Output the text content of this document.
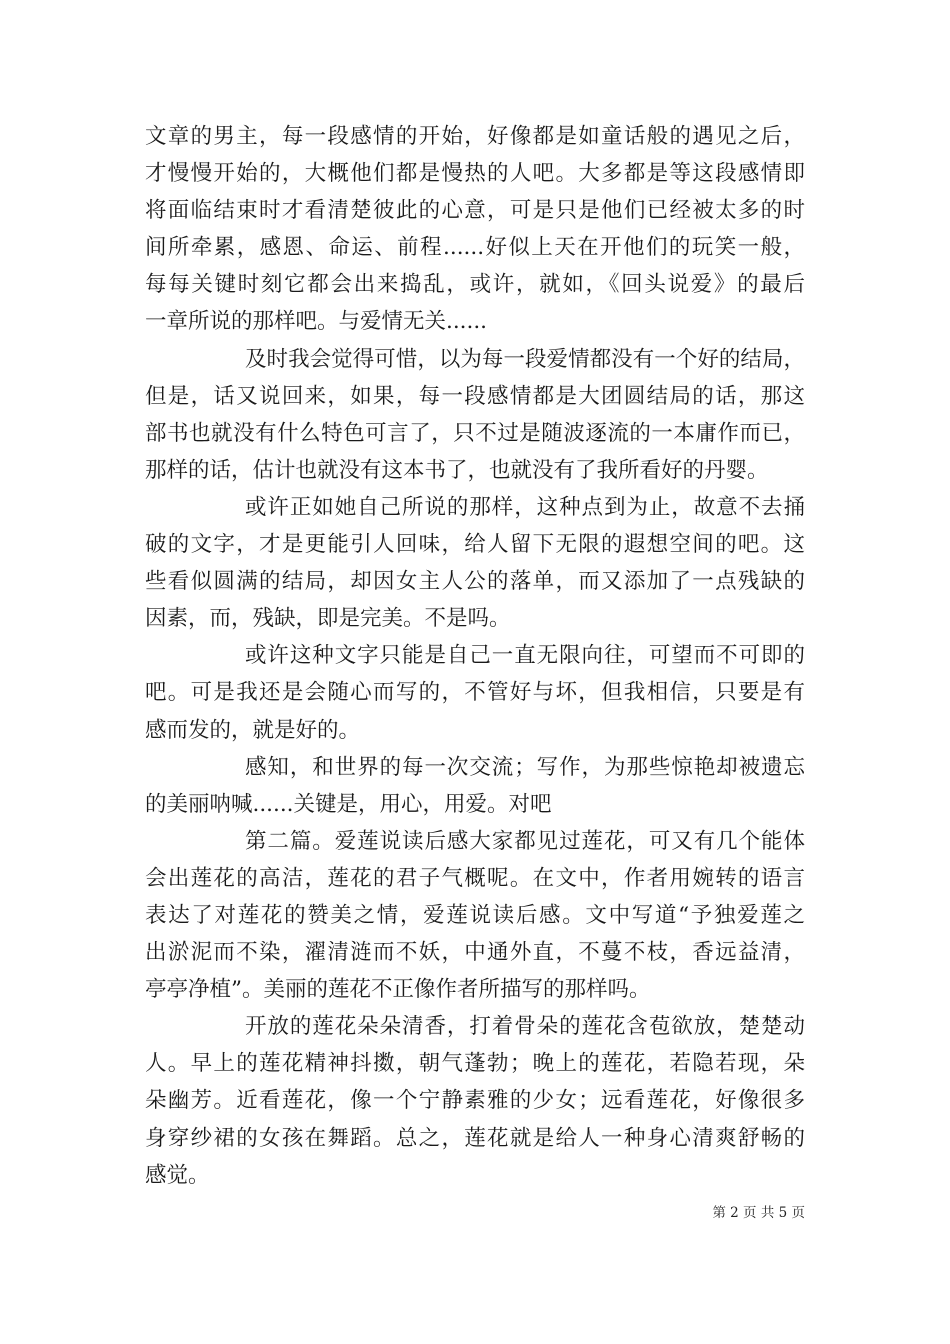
文章的男主，每一段感情的开始，好像都是如童话般的遇见之后，
才慢慢开始的，大概他们都是慢热的人吧。大多都是等这段感情即
将面临结束时才看清楚彼此的心意，可是只是他们已经被太多的时
间所牵累，感恩、命运、前程......好似上天在开他们的玩笑一般，
每每关键时刻它都会出来捣乱，或许，就如，《回头说爱》的最后
一章所说的那样吧。与爱情无关......
及时我会觉得可惜，以为每一段爱情都没有一个好的结局，
但是，话又说回来，如果，每一段感情都是大团圆结局的话，那这
部书也就没有什么特色可言了，只不过是随波逐流的一本庸作而已，
那样的话，估计也就没有这本书了，也就没有了我所看好的丹婴。
或许正如她自己所说的那样，这种点到为止，故意不去捅
破的文字，才是更能引人回味，给人留下无限的遐想空间的吧。这
些看似圆满的结局，却因女主人公的落单，而又添加了一点残缺的
因素，而，残缺，即是完美。不是吗。
或许这种文字只能是自己一直无限向往，可望而不可即的
吧。可是我还是会随心而写的，不管好与坏，但我相信，只要是有
感而发的，就是好的。
感知，和世界的每一次交流；写作，为那些惊艳却被遗忘
的美丽呐喊......关键是，用心，用爱。对吧
第二篇。爱莲说读后感大家都见过莲花，可又有几个能体
会出莲花的高洁，莲花的君子气概呢。在文中，作者用婉转的语言
表达了对莲花的赞美之情，爱莲说读后感。文中写道“予独爱莲之
出淤泥而不染，濯清涟而不妖，中通外直，不蔓不枝，香远益清，
亭亭净植”。美丽的莲花不正像作者所描写的那样吗。
开放的莲花朵朵清香，打着骨朵的莲花含苞欲放，楚楚动
人。早上的莲花精神抖擞，朝气蓬勃；晚上的莲花，若隐若现，朵
朵幽芳。近看莲花，像一个宁静素雅的少女；远看莲花，好像很多
身穿纱裙的女孩在舞蹈。总之，莲花就是给人一种身心清爽舒畅的
感觉。
第 2 页 共 5 页
